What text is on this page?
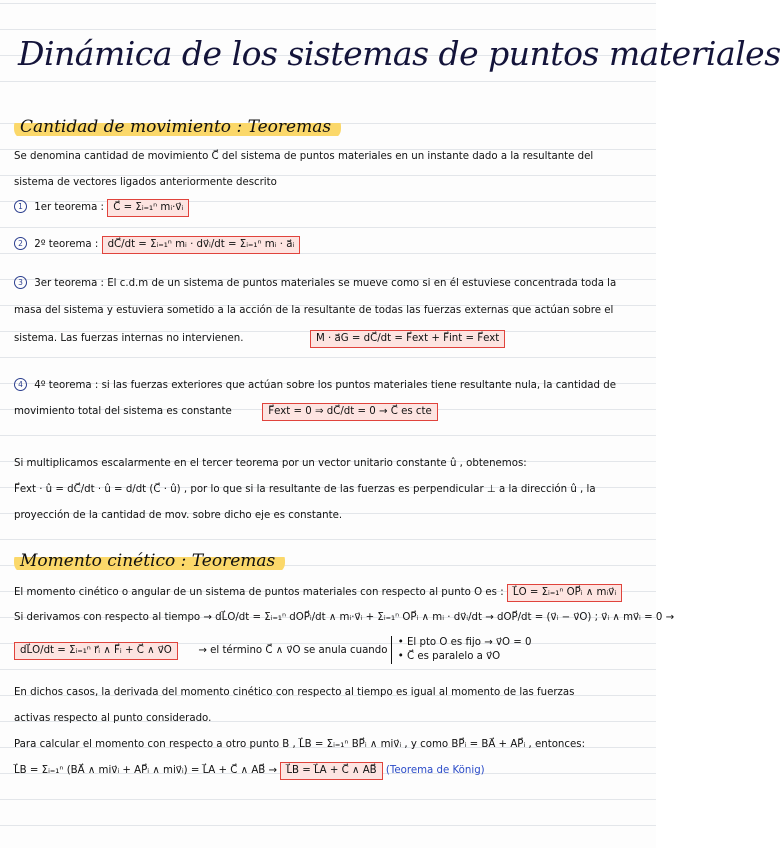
Dinámica de los sistemas de puntos materiales
Cantidad de movimiento : Teoremas
Se denomina cantidad de movimiento C⃗ del sistema de puntos materiales en un instante dado a la resultante del
sistema de vectores ligados anteriormente descrito
1 1er teorema : C⃗ = Σᵢ₌₁ⁿ mᵢ·v⃗ᵢ
2 2º teorema : dC⃗/dt = Σᵢ₌₁ⁿ mᵢ · dv⃗ᵢ/dt = Σᵢ₌₁ⁿ mᵢ · a⃗ᵢ
3 3er teorema : El c.d.m de un sistema de puntos materiales se mueve como si en él estuviese concentrada toda la
masa del sistema y estuviera sometido a la acción de la resultante de todas las fuerzas externas que actúan sobre el
sistema. Las fuerzas internas no intervienen.	M · a⃗G = dC⃗/dt = F⃗ext + F⃗int = F⃗ext
4 4º teorema : si las fuerzas exteriores que actúan sobre los puntos materiales tiene resultante nula, la cantidad de
movimiento total del sistema es constante	F⃗ext = 0 ⇒ dC⃗/dt = 0 → C⃗ es cte
Si multiplicamos escalarmente en el tercer teorema por un vector unitario constante û , obtenemos:
F⃗ext · û = dC⃗/dt · û = d/dt (C⃗ · û) , por lo que si la resultante de las fuerzas es perpendicular ⊥ a la dirección û , la
proyección de la cantidad de mov. sobre dicho eje es constante.
Momento cinético : Teoremas
El momento cinético o angular de un sistema de puntos materiales con respecto al punto O es : L⃗O = Σᵢ₌₁ⁿ OP⃗ᵢ ∧ mᵢv⃗ᵢ
Si derivamos con respecto al tiempo → dL⃗O/dt = Σᵢ₌₁ⁿ dOP⃗ᵢ/dt ∧ mᵢ·v⃗ᵢ + Σᵢ₌₁ⁿ OP⃗ᵢ ∧ mᵢ · dv⃗ᵢ/dt → dOP⃗/dt = (v⃗ᵢ − v⃗O) ; v⃗ᵢ ∧ mv⃗ᵢ = 0 →
dL⃗O/dt = Σᵢ₌₁ⁿ r⃗ᵢ ∧ F⃗ᵢ + C⃗ ∧ v⃗O	→ el término C⃗ ∧ v⃗O se anula cuando
• El pto O es fijo → v⃗O = 0
• C⃗ es paralelo a v⃗O
En dichos casos, la derivada del momento cinético con respecto al tiempo es igual al momento de las fuerzas
activas respecto al punto considerado.
Para calcular el momento con respecto a otro punto B , L⃗B = Σᵢ₌₁ⁿ BP⃗ᵢ ∧ miv⃗ᵢ , y como BP⃗ᵢ = BA⃗ + AP⃗ᵢ , entonces:
L⃗B = Σᵢ₌₁ⁿ (BA⃗ ∧ miv⃗ᵢ + AP⃗ᵢ ∧ miv⃗ᵢ) = L⃗A + C⃗ ∧ AB⃗ → L⃗B = L⃗A + C⃗ ∧ AB⃗ (Teorema de König)
